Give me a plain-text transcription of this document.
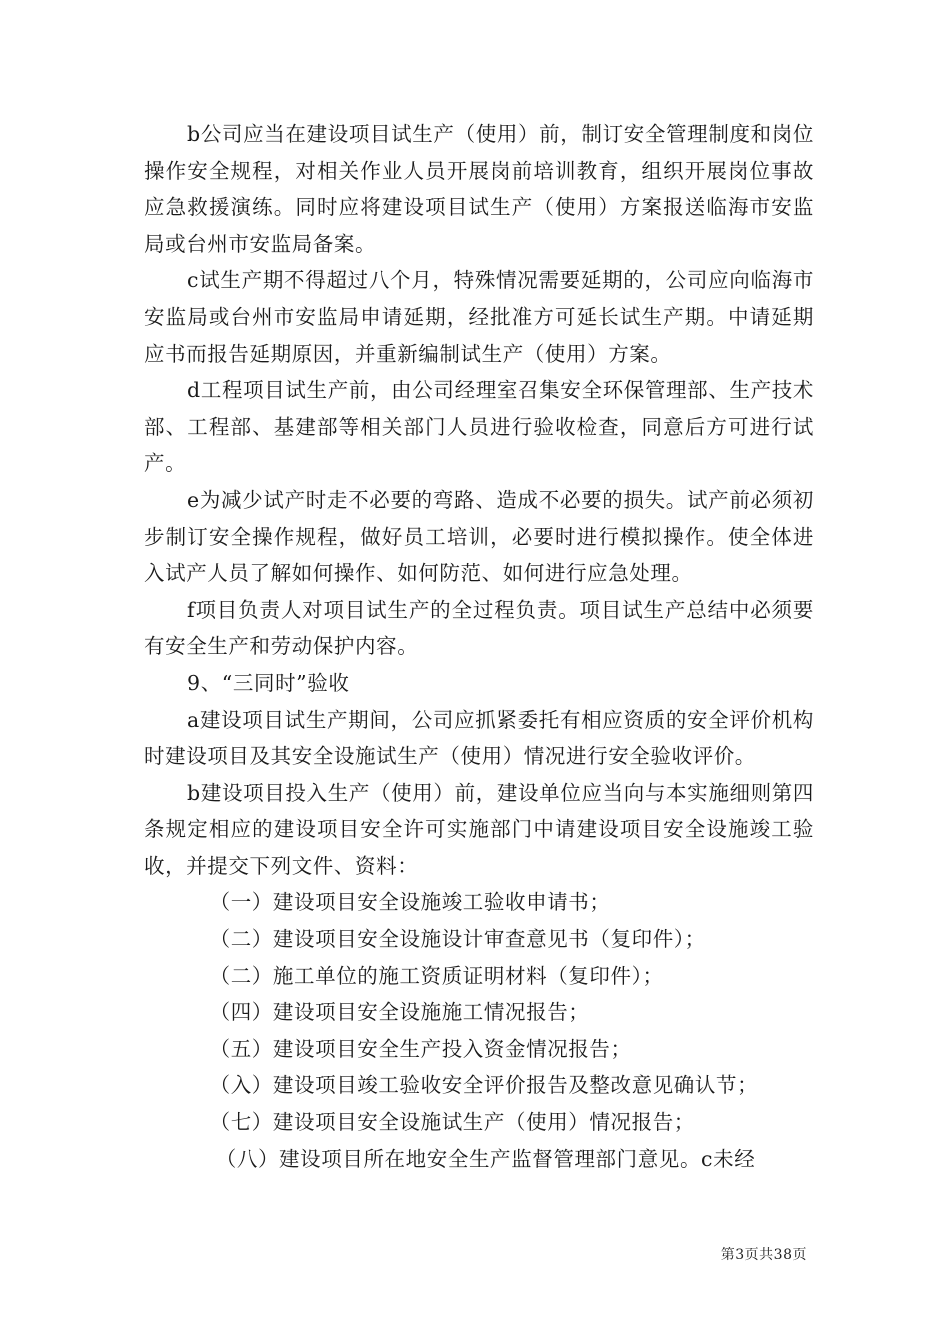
b公司应当在建设项目试生产（使用）前，制订安全管理制度和岗位操作安全规程，对相关作业人员开展岗前培训教育，组织开展岗位事故应急救援演练。同时应将建设项目试生产（使用）方案报送临海市安监局或台州市安监局备案。

c试生产期不得超过八个月，特殊情况需要延期的，公司应向临海市安监局或台州市安监局申请延期，经批准方可延长试生产期。中请延期应书而报告延期原因，并重新编制试生产（使用）方案。

d工程项目试生产前，由公司经理室召集安全环保管理部、生产技术部、工程部、基建部等相关部门人员进行验收检查，同意后方可进行试产。

e为减少试产时走不必要的弯路、造成不必要的损失。试产前必须初步制订安全操作规程，做好员工培训，必要时进行模拟操作。使全体进入试产人员了解如何操作、如何防范、如何进行应急处理。

f项目负责人对项目试生产的全过程负责。项目试生产总结中必须要有安全生产和劳动保护内容。

9、“三同时”验收

a建设项目试生产期间，公司应抓紧委托有相应资质的安全评价机构时建设项目及其安全设施试生产（使用）情况进行安全验收评价。

b建设项目投入生产（使用）前，建设单位应当向与本实施细则第四条规定相应的建设项目安全许可实施部门中请建设项目安全设施竣工验收，并提交下列文件、资料：

（一）建设项目安全设施竣工验收申请书；

（二）建设项目安全设施设计审查意见书（复印件）；

（二）施工单位的施工资质证明材料（复印件）；

（四）建设项目安全设施施工情况报告；

（五）建设项目安全生产投入资金情况报告；

（入）建设项目竣工验收安全评价报告及整改意见确认节；

（七）建设项目安全设施试生产（使用）情况报告；

（八）建设项目所在地安全生产监督管理部门意见。c未经

第3页共38页
